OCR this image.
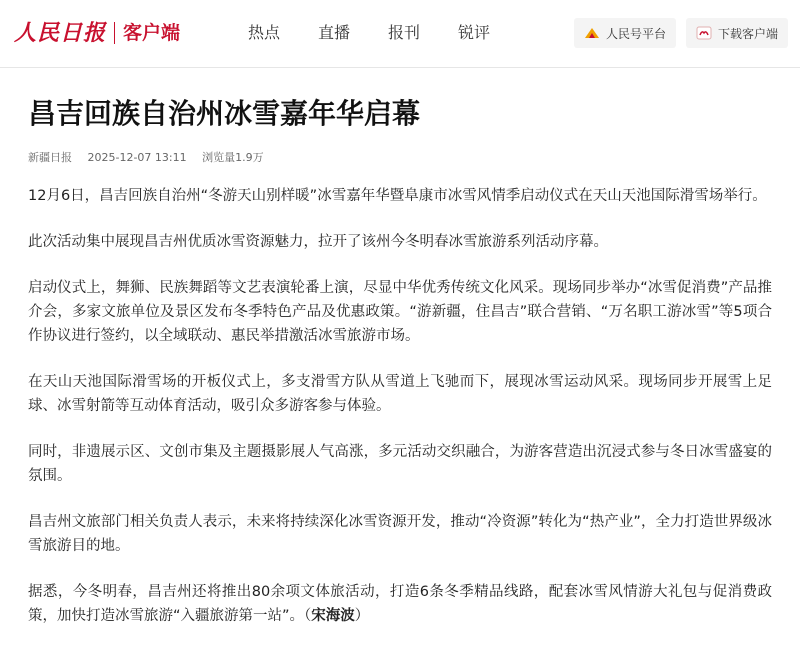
人民日报 客户端	热点 直播 报刊 锐评	人民号平台	下载客户端
昌吉回族自治州冰雪嘉年华启幕
新疆日报 2025-12-07 13:11 浏览量1.9万

12月6日，昌吉回族自治州“冬游天山别样暖”冰雪嘉年华暨阜康市冰雪风情季启动仪式在天山天池国际滑雪场举行。

此次活动集中展现昌吉州优质冰雪资源魅力，拉开了该州今冬明春冰雪旅游系列活动序幕。

启动仪式上，舞狮、民族舞蹈等文艺表演轮番上演，尽显中华优秀传统文化风采。现场同步举办“冰雪促消费”产品推介会，多家文旅单位及景区发布冬季特色产品及优惠政策。“游新疆，住昌吉”联合营销、“万名职工游冰雪”等5项合作协议进行签约，以全域联动、惠民举措激活冰雪旅游市场。

在天山天池国际滑雪场的开板仪式上，多支滑雪方队从雪道上飞驰而下，展现冰雪运动风采。现场同步开展雪上足球、冰雪射箭等互动体育活动，吸引众多游客参与体验。

同时，非遗展示区、文创市集及主题摄影展人气高涨，多元活动交织融合，为游客营造出沉浸式参与冬日冰雪盛宴的氛围。

昌吉州文旅部门相关负责人表示，未来将持续深化冰雪资源开发，推动“冷资源”转化为“热产业”，全力打造世界级冰雪旅游目的地。

据悉，今冬明春，昌吉州还将推出80余项文体旅活动，打造6条冬季精品线路，配套冰雪风情游大礼包与促消费政策，加快打造冰雪旅游“入疆旅游第一站”。（宋海波）
